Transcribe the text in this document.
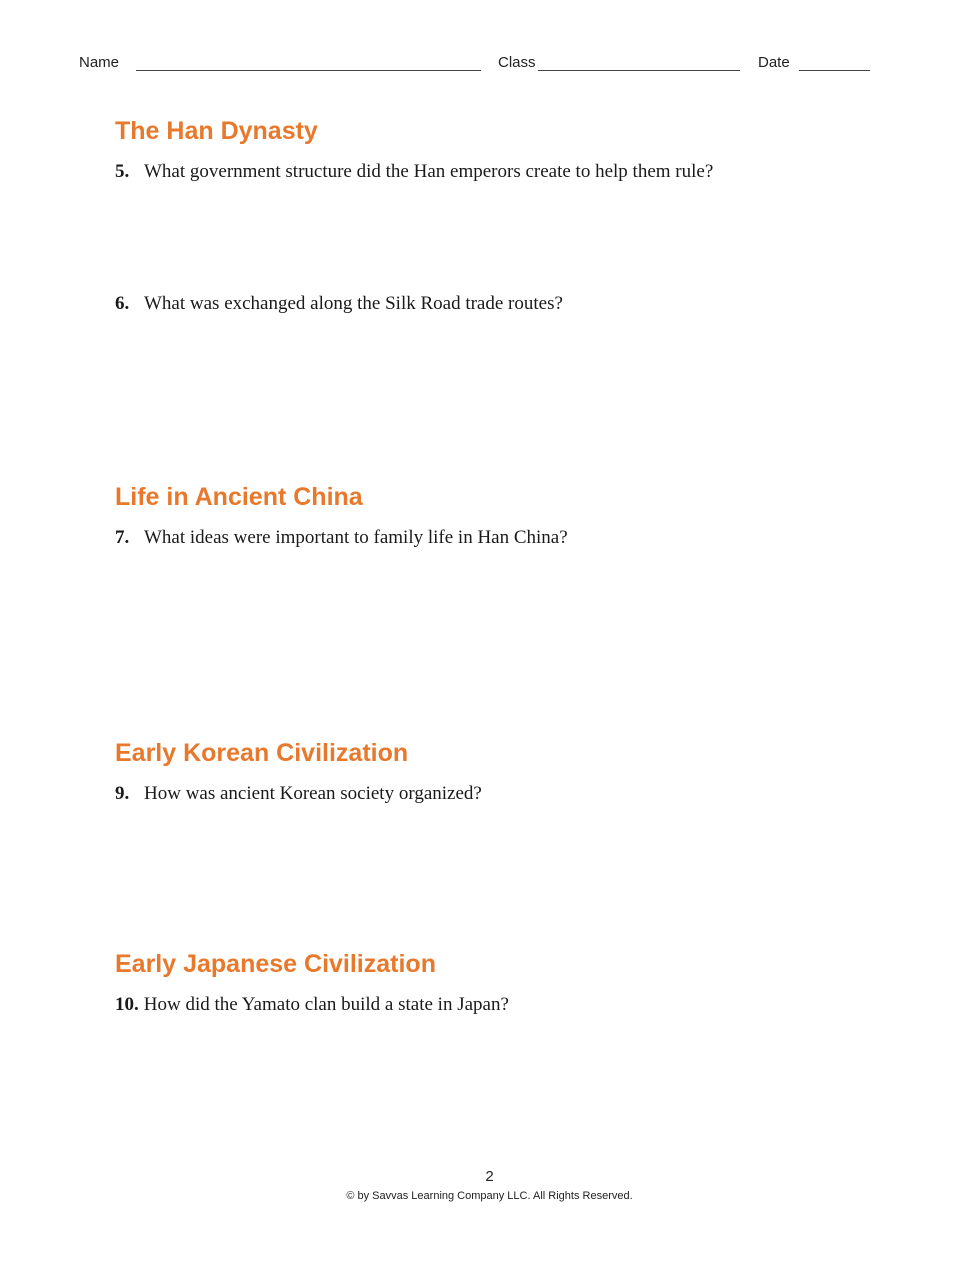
Name	Class	Date
The Han Dynasty
5. What government structure did the Han emperors create to help them rule?
6. What was exchanged along the Silk Road trade routes?
Life in Ancient China
7. What ideas were important to family life in Han China?
Early Korean Civilization
9. How was ancient Korean society organized?
Early Japanese Civilization
10. How did the Yamato clan build a state in Japan?
2
© by Savvas Learning Company LLC. All Rights Reserved.
